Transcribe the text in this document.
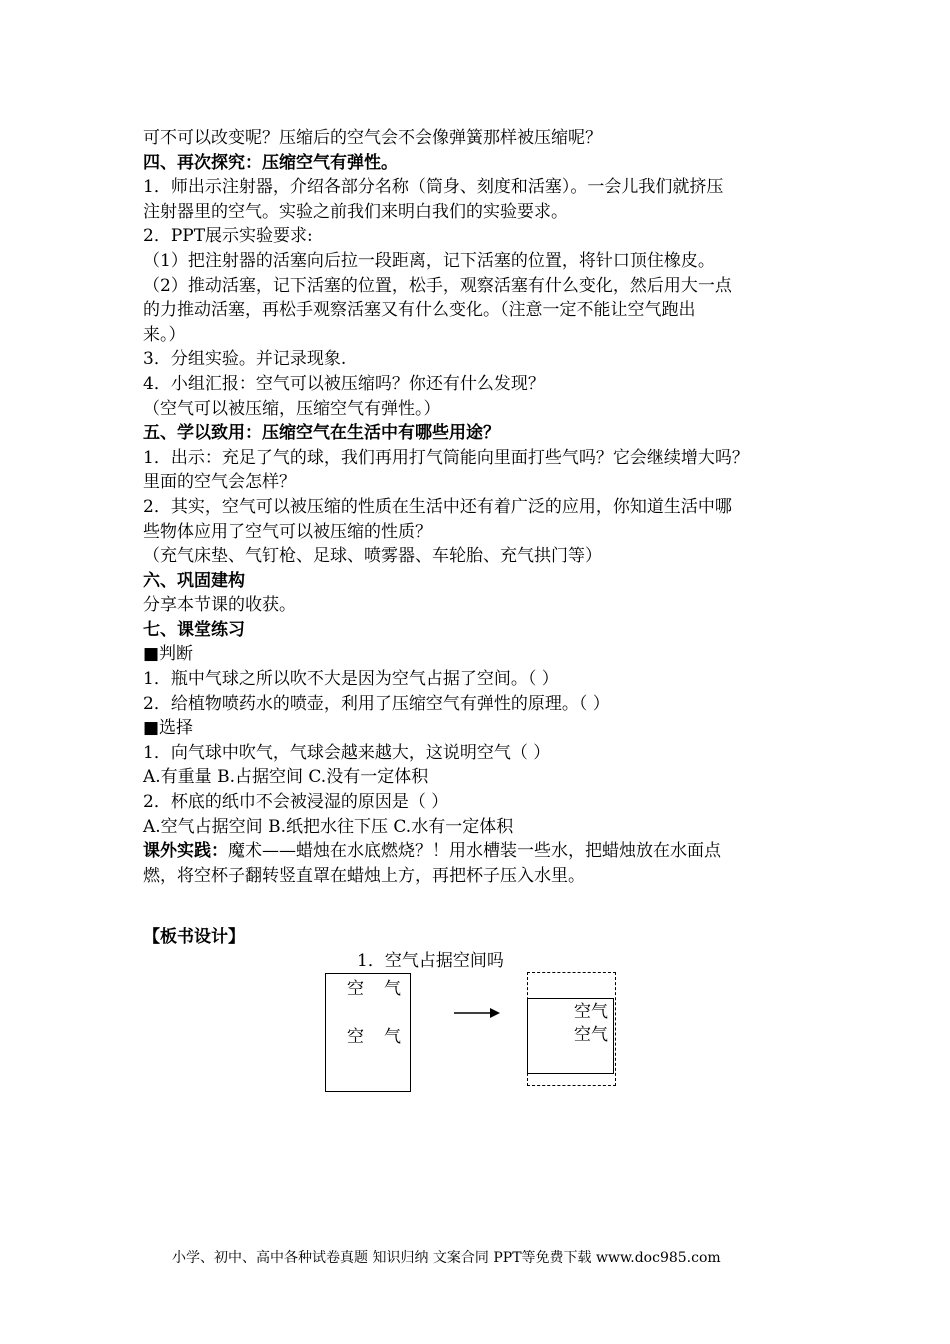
可不可以改变呢？压缩后的空气会不会像弹簧那样被压缩呢？
四、再次探究：压缩空气有弹性。
1．师出示注射器，介绍各部分名称（筒身、刻度和活塞）。一会儿我们就挤压
注射器里的空气。实验之前我们来明白我们的实验要求。
2．PPT展示实验要求:
（1）把注射器的活塞向后拉一段距离，记下活塞的位置，将针口顶住橡皮。
（2）推动活塞，记下活塞的位置，松手，观察活塞有什么变化，然后用大一点
的力推动活塞，再松手观察活塞又有什么变化。（注意一定不能让空气跑出
来。）
3．分组实验。并记录现象.
4．小组汇报：空气可以被压缩吗？你还有什么发现？
（空气可以被压缩，压缩空气有弹性。）
五、学以致用：压缩空气在生活中有哪些用途？
1．出示：充足了气的球，我们再用打气筒能向里面打些气吗？它会继续增大吗？
里面的空气会怎样？
2．其实，空气可以被压缩的性质在生活中还有着广泛的应用，你知道生活中哪
些物体应用了空气可以被压缩的性质？
（充气床垫、气钉枪、足球、喷雾器、车轮胎、充气拱门等）
六、巩固建构
分享本节课的收获。
七、课堂练习
■判断
1．瓶中气球之所以吹不大是因为空气占据了空间。（ ）
2．给植物喷药水的喷壶，利用了压缩空气有弹性的原理。（ ）
■选择
1．向气球中吹气，气球会越来越大，这说明空气（ ）
A.有重量 B.占据空间 C.没有一定体积
2．杯底的纸巾不会被浸湿的原因是（ ）
A.空气占据空间 B.纸把水往下压 C.水有一定体积
课外实践：魔术——蜡烛在水底燃烧？！用水槽装一些水，把蜡烛放在水面点
燃，将空杯子翻转竖直罩在蜡烛上方，再把杯子压入水里。
【板书设计】
1．空气占据空间吗
空气
空气
空气
空气
小学、初中、高中各种试卷真题 知识归纳 文案合同 PPT等免费下载 www.doc985.com
